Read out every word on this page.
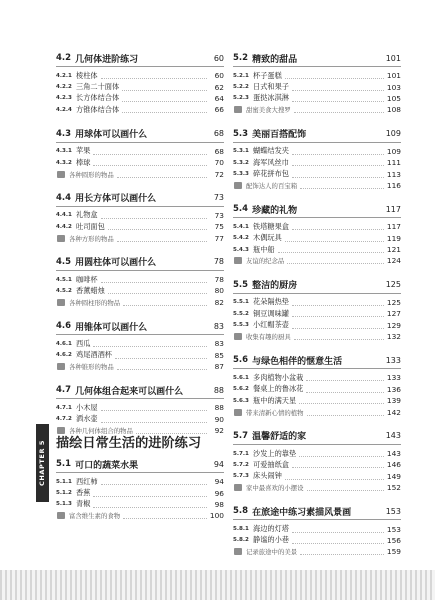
4.2 几何体进阶练习	60
4.2.1 棱柱体	60
4.2.2 三角二十面体	62
4.2.3 长方体结合体	64
4.2.4 方锥体结合体	66
4.3 用球体可以画什么	68
4.3.1 苹果	68
4.3.2 棒球	70
各种圆形的物品	72
4.4 用长方体可以画什么	73
4.4.1 礼物盒	73
4.4.2 吐司面包	75
各种方形的物品	77
4.5 用圆柱体可以画什么	78
4.5.1 咖啡杯	78
4.5.2 香薰蜡烛	80
各种圆柱形的物品	82
4.6 用锥体可以画什么	83
4.6.1 西瓜	83
4.6.2 鸡尾酒酒杯	85
各种锥形的物品	87
4.7 几何体组合起来可以画什么	88
4.7.1 小木屋	88
4.7.2 洒水壶	90
各种几何体组合的物品	92
CHAPTER 5 描绘日常生活的进阶练习
5.1 可口的蔬菜水果	94
5.1.1 西红柿	94
5.1.2 香蕉	96
5.1.3 青椒	98
富含维生素的食物	100
5.2 精致的甜品	101
5.2.1 杯子蛋糕	101
5.2.2 日式和果子	103
5.2.3 蛋挞冰淇淋	105
甜蜜美食大搜罗	108
5.3 美丽百搭配饰	109
5.3.1 蝴蝶结发夹	109
5.3.2 海军风丝巾	111
5.3.3 碎花拼布包	113
配饰达人的百宝箱	116
5.4 珍藏的礼物	117
5.4.1 铁塔糖果盒	117
5.4.2 木偶玩具	119
5.4.3 瓶中船	121
友谊的纪念品	124
5.5 整洁的厨房	125
5.5.1 花朵隔热垫	125
5.5.2 铜豆调味罐	127
5.5.3 小红帽茶壶	129
收集有趣的厨具	132
5.6 与绿色相伴的惬意生活	133
5.6.1 多肉植物小盆栽	133
5.6.2 餐桌上的鲁冰花	136
5.6.3 瓶中的满天星	139
带来清新心情的植物	142
5.7 温馨舒适的家	143
5.7.1 沙发上的靠垫	143
5.7.2 可爱抽纸盒	146
5.7.3 床头闹钟	149
家中最喜欢的小摆设	152
5.8 在旅途中练习素描风景画	153
5.8.1 海边的灯塔	153
5.8.2 静谧的小巷	156
记录旅途中的美景	159
